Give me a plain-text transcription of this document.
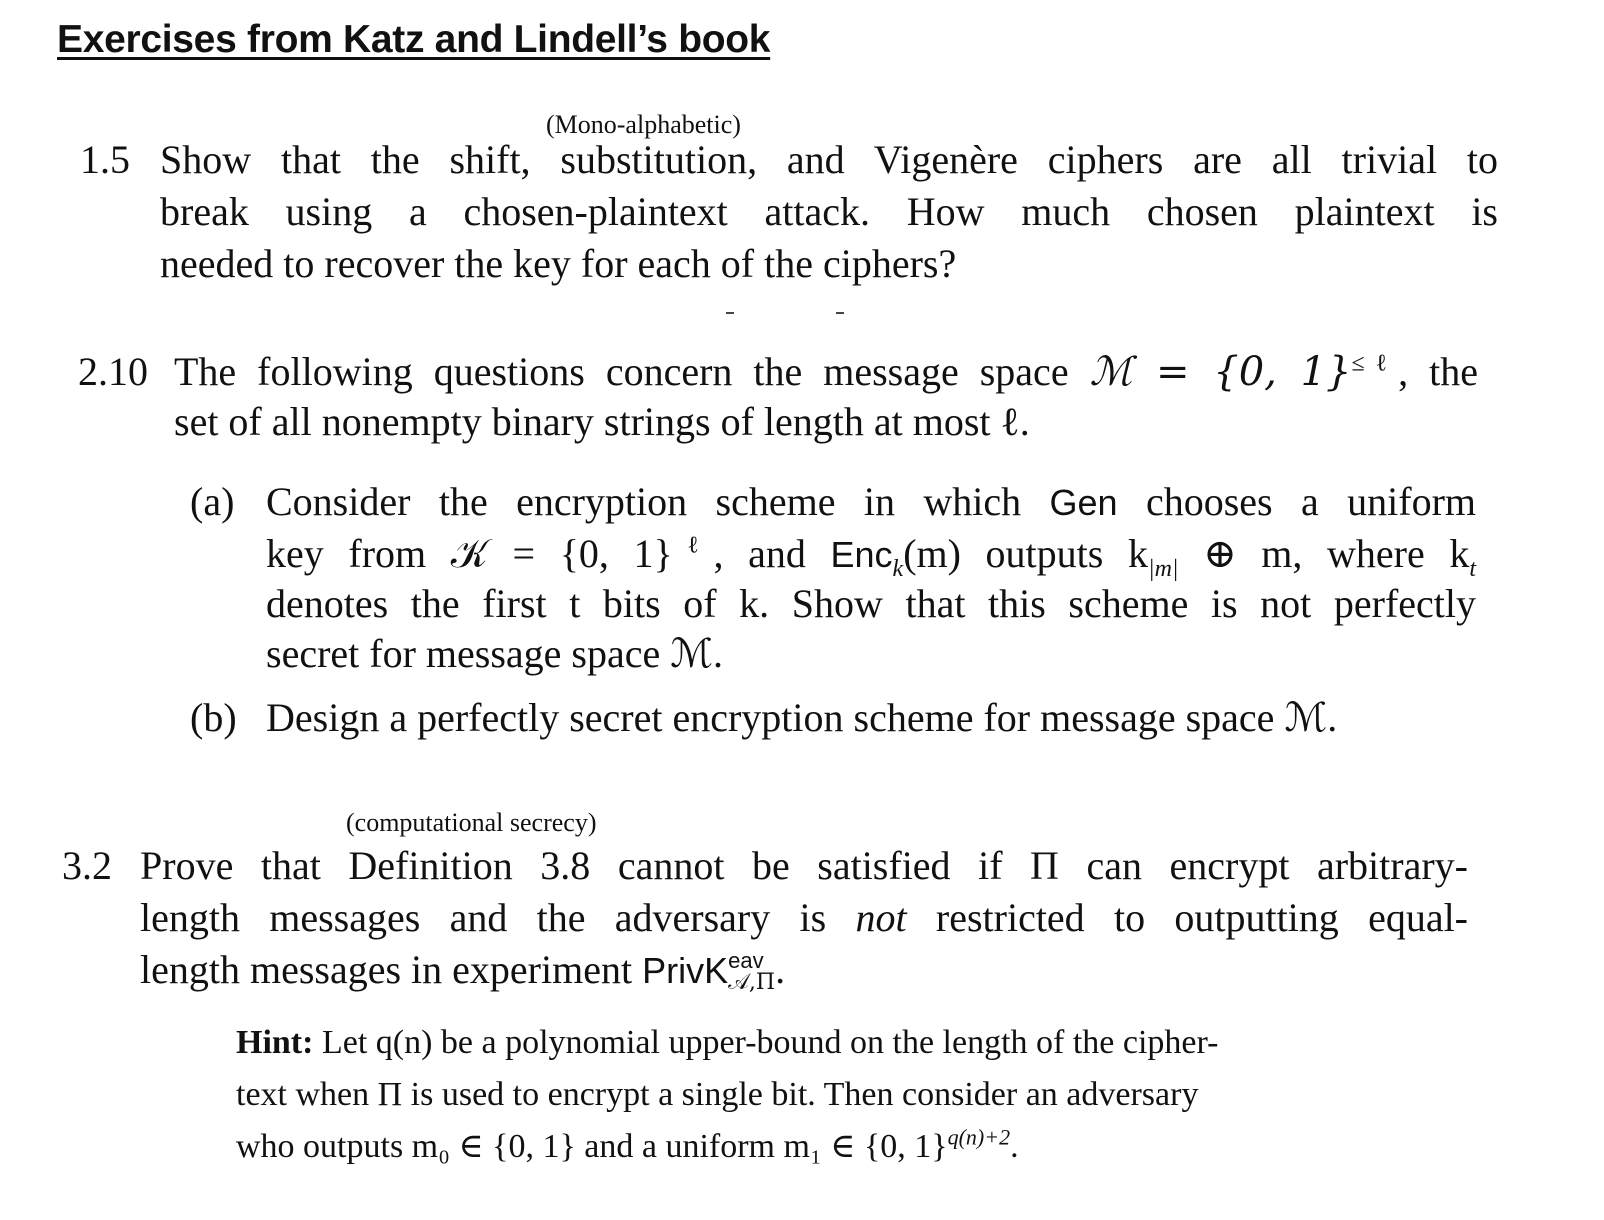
Exercises from Katz and Lindell’s book
(Mono-alphabetic)
1.5 Show that the shift, substitution, and Vigenère ciphers are all trivial to
break using a chosen-plaintext attack. How much chosen plaintext is
needed to recover the key for each of the ciphers?
2.10 The following questions concern the message space ℳ = {0, 1}$^{\le\ell}$, the
set of all nonempty binary strings of length at most ℓ.
(a) Consider the encryption scheme in which Gen chooses a uniform
key from 𝒦 = {0, 1}$^\ell$, and Enc$_k$(m) outputs $k_{|m|}$ ⊕ m, where $k_t$
denotes the first t bits of k. Show that this scheme is not perfectly
secret for message space ℳ.
(b) Design a perfectly secret encryption scheme for message space ℳ.
(computational secrecy)
3.2 Prove that Definition 3.8 cannot be satisfied if Π can encrypt arbitrary-
length messages and the adversary is not restricted to outputting equal-
length messages in experiment PrivK eav
𝒜,Π .
Hint: Let q(n) be a polynomial upper-bound on the length of the cipher-
text when Π is used to encrypt a single bit. Then consider an adversary
who outputs m₀ ∈ {0, 1} and a uniform m₁ ∈ {0, 1}$^{q(n)+2}$.
